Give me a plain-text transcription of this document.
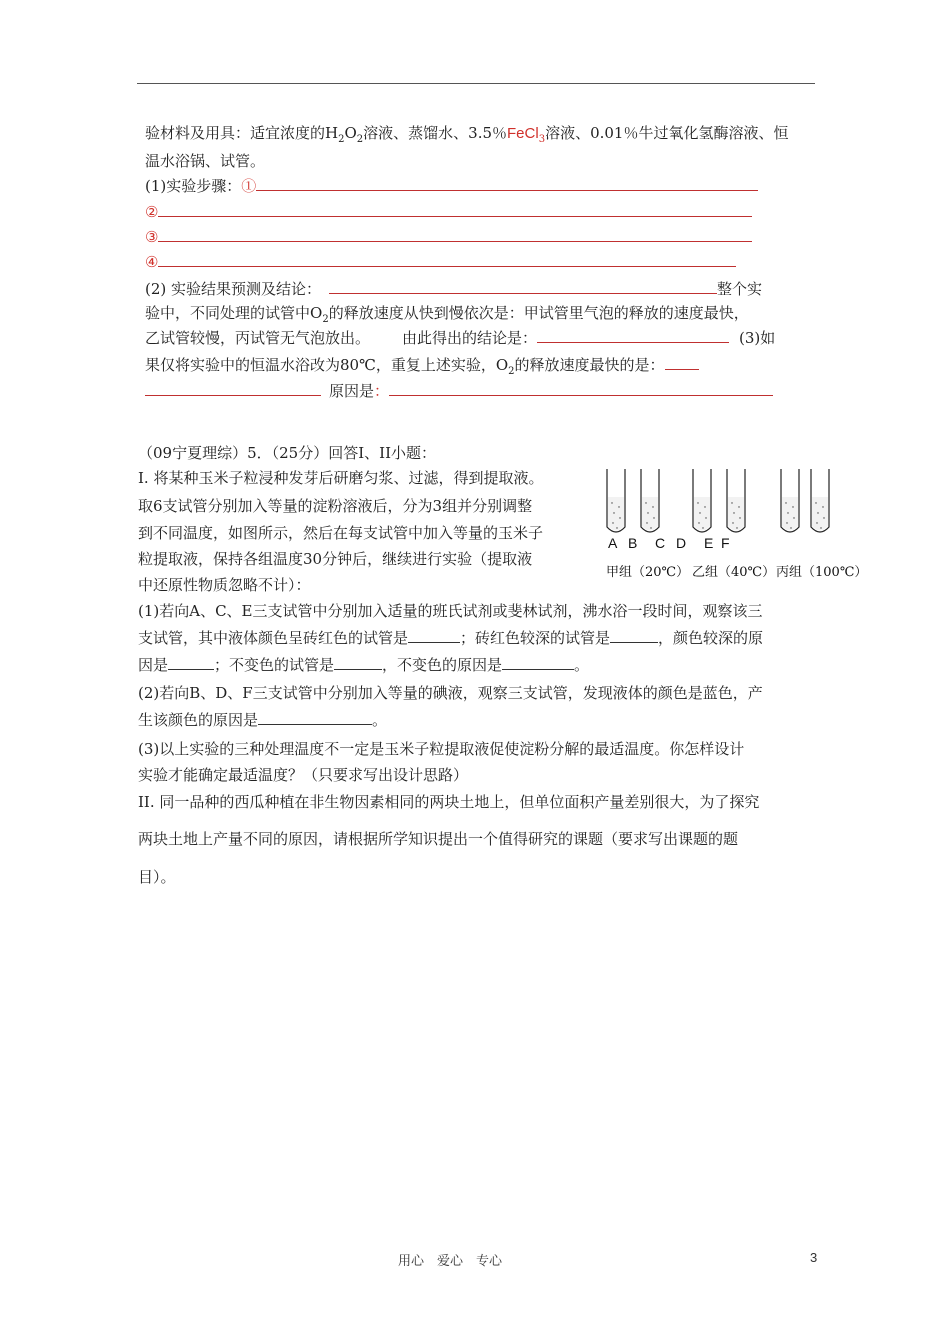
验材料及用具：适宜浓度的$H_2O_2$溶液、蒸馏水、3.5％FeCl$_3$溶液、0.01％牛过氧化氢酶溶液、恒
温水浴锅、试管。
(1)实验步骤：①
②
③
④
(2) 实验结果预测及结论：	整个实
验中，不同处理的试管中$O_2$的释放速度从快到慢依次是：甲试管里气泡的释放的速度最快，
乙试管较慢，丙试管无气泡放出。 由此得出的结论是：	(3)如
果仅将实验中的恒温水浴改为80℃，重复上述实验，$O_2$的释放速度最快的是：
原因是：
（09宁夏理综）5．（25分）回答I、II小题：
I. 将某种玉米子粒浸种发芽后研磨匀浆、过滤，得到提取液。
取6支试管分别加入等量的淀粉溶液后，分为3组并分别调整
到不同温度，如图所示，然后在每支试管中加入等量的玉米子
粒提取液，保持各组温度30分钟后，继续进行实验（提取液
中还原性物质忽略不计）：
A B C D E F
甲组（20℃） 乙组（40℃） 丙组（100℃）
(1)若向A、C、E三支试管中分别加入适量的班氏试剂或斐林试剂，沸水浴一段时间，观察该三
支试管，其中液体颜色呈砖红色的试管是	；砖红色较深的试管是	，颜色较深的原
因是	；不变色的试管是	，不变色的原因是	。
(2)若向B、D、F三支试管中分别加入等量的碘液，观察三支试管，发现液体的颜色是蓝色，产
生该颜色的原因是	。
(3)以上实验的三种处理温度不一定是玉米子粒提取液促使淀粉分解的最适温度。你怎样设计
实验才能确定最适温度？（只要求写出设计思路）
II. 同一品种的西瓜种植在非生物因素相同的两块土地上，但单位面积产量差别很大，为了探究
两块土地上产量不同的原因，请根据所学知识提出一个值得研究的课题（要求写出课题的题
目）。
用心　爱心　专心	3
